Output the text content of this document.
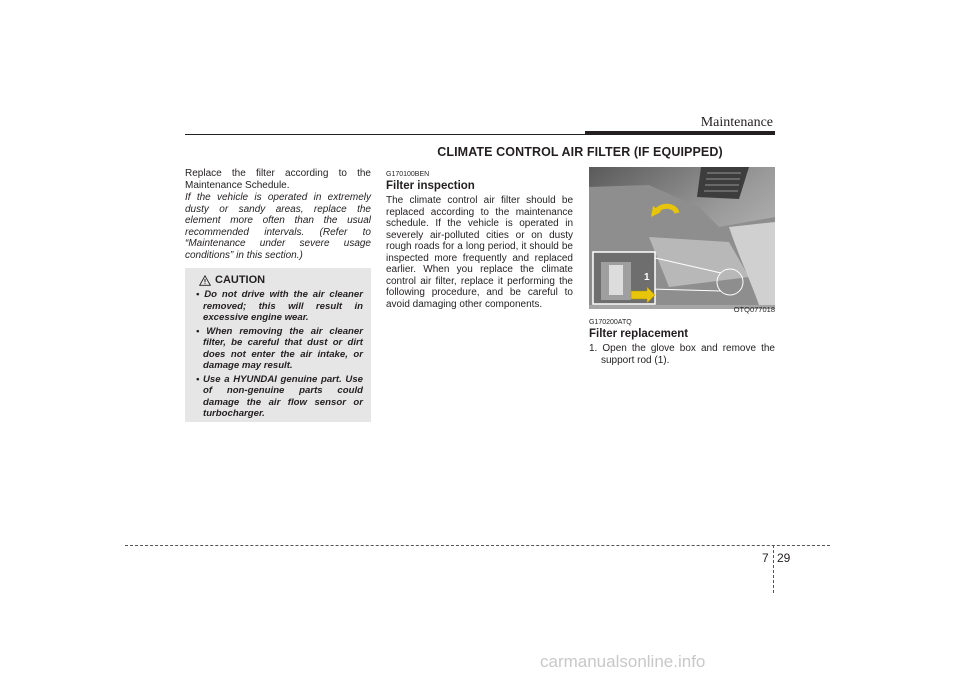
Maintenance
CLIMATE CONTROL AIR FILTER (IF EQUIPPED)

Replace the filter according to the Maintenance Schedule.

If the vehicle is operated in extremely dusty or sandy areas, replace the element more often than the usual recommended intervals. (Refer to “Maintenance under severe usage conditions” in this section.)

CAUTION
• Do not drive with the air cleaner removed; this will result in excessive engine wear.
• When removing the air cleaner filter, be careful that dust or dirt does not enter the air intake, or damage may result.
• Use a HYUNDAI genuine part. Use of non-genuine parts could damage the air flow sensor or turbocharger.
G170100BEN
Filter inspection

The climate control air filter should be replaced according to the maintenance schedule. If the vehicle is operated in severely air-polluted cities or on dusty rough roads for a long period, it should be inspected more frequently and replaced earlier. When you replace the climate control air filter, replace it performing the following procedure, and be careful to avoid damaging other components.

1
OTQ077018
G170200ATQ
Filter replacement

1. Open the glove box and remove the support rod (1).

7 29
carmanualsonline.info
